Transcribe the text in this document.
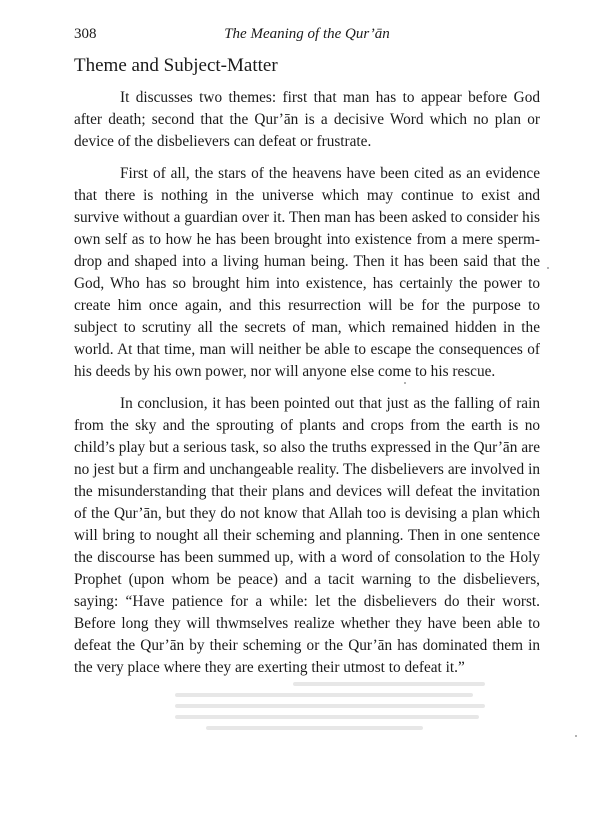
308	The Meaning of the Qur’ān
Theme and Subject-Matter

It discusses two themes: first that man has to appear before God after death; second that the Qur’ān is a decisive Word which no plan or device of the disbelievers can defeat or frustrate.

First of all, the stars of the heavens have been cited as an evidence that there is nothing in the universe which may continue to exist and survive without a guardian over it. Then man has been asked to consider his own self as to how he has been brought into existence from a mere sperm-drop and shaped into a living human being. Then it has been said that the God, Who has so brought him into existence, has certainly the power to create him once again, and this resurrection will be for the purpose to subject to scrutiny all the secrets of man, which remained hidden in the world. At that time, man will neither be able to escape the consequences of his deeds by his own power, nor will anyone else come to his rescue.

In conclusion, it has been pointed out that just as the falling of rain from the sky and the sprouting of plants and crops from the earth is no child’s play but a serious task, so also the truths expressed in the Qur’ān are no jest but a firm and unchangeable reality. The disbelievers are involved in the misunderstanding that their plans and devices will defeat the invitation of the Qur’ān, but they do not know that Allah too is devising a plan which will bring to nought all their scheming and planning. Then in one sentence the discourse has been summed up, with a word of consolation to the Holy Prophet (upon whom be peace) and a tacit warning to the disbelievers, saying: “Have patience for a while: let the disbelievers do their worst. Before long they will thwmselves realize whether they have been able to defeat the Qur’ān by their scheming or the Qur’ān has dominated them in the very place where they are exerting their utmost to defeat it.”
